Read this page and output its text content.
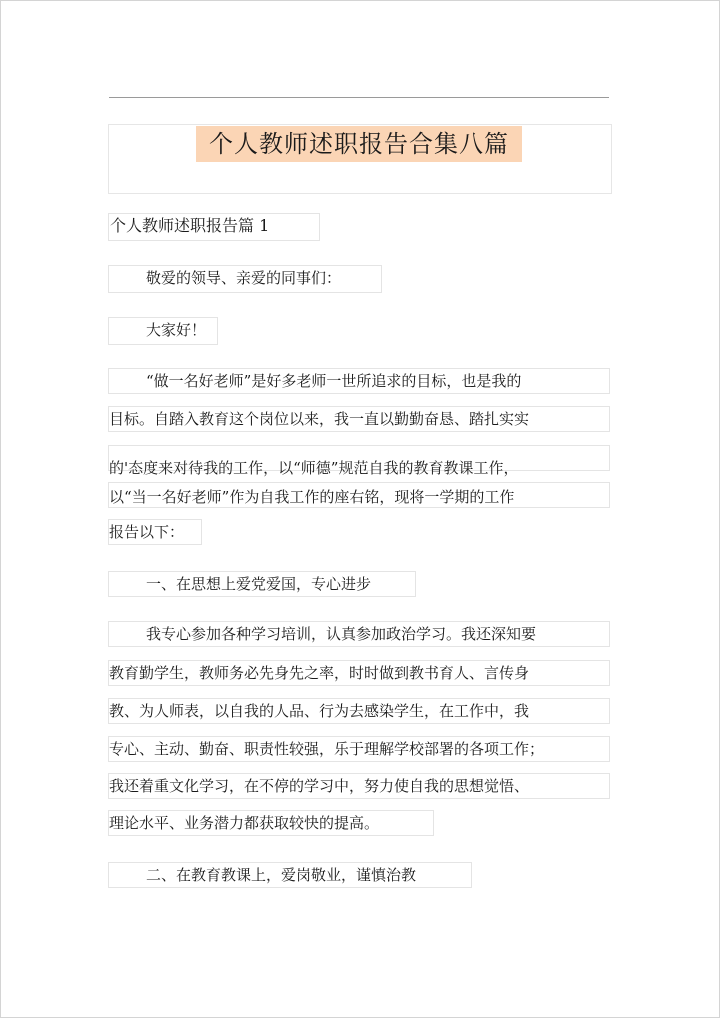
个人教师述职报告合集八篇
个人教师述职报告篇 1
敬爱的领导、亲爱的同事们：
大家好！
“做一名好老师”是好多老师一世所追求的目标，也是我的
目标。自踏入教育这个岗位以来，我一直以勤勤奋恳、踏扎实实
的'态度来对待我的工作，以“师德”规范自我的教育教课工作，
以“当一名好老师”作为自我工作的座右铭，现将一学期的工作
报告以下：
一、在思想上爱党爱国，专心进步
我专心参加各种学习培训，认真参加政治学习。我还深知要
教育勤学生，教师务必先身先之率，时时做到教书育人、言传身
教、为人师表，以自我的人品、行为去感染学生，在工作中，我
专心、主动、勤奋、职责性较强，乐于理解学校部署的各项工作；
我还着重文化学习，在不停的学习中，努力使自我的思想觉悟、
理论水平、业务潜力都获取较快的提高。
二、在教育教课上，爱岗敬业，谨慎治教
